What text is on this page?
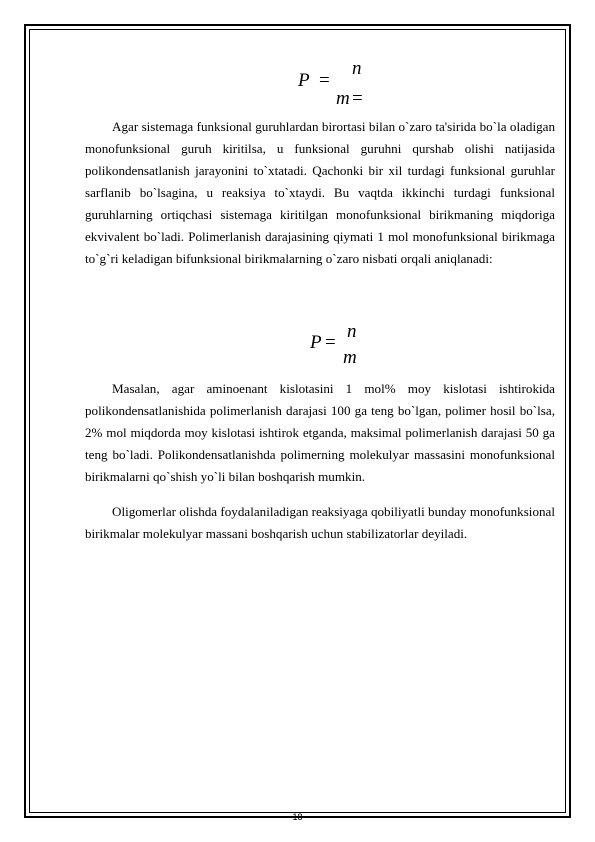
P =
n
m =

Agar sistemaga funksional guruhlardan birortasi bilan o`zaro ta'sirida bo`la oladigan monofunksional guruh kiritilsa, u funksional guruhni qurshab olishi natijasida polikondensatlanish jarayonini to`xtatadi. Qachonki bir xil turdagi funksional guruhlar sarflanib bo`lsagina, u reaksiya to`xtaydi. Bu vaqtda ikkinchi turdagi funksional guruhlarning ortiqchasi sistemaga kiritilgan monofunksional birikmaning miqdoriga ekvivalent bo`ladi. Polimerlanish darajasining qiymati 1 mol monofunksional birikmaga to`g`ri keladigan bifunksional birikmalarning o`zaro nisbati orqali aniqlanadi:

P =
n
m

Masalan, agar aminoenant kislotasini 1 mol% moy kislotasi ishtirokida polikondensatlanishida polimerlanish darajasi 100 ga teng bo`lgan, polimer hosil bo`lsa, 2% mol miqdorda moy kislotasi ishtirok etganda, maksimal polimerlanish darajasi 50 ga teng bo`ladi. Polikondensatlanishda polimerning molekulyar massasini monofunksional birikmalarni qo`shish yo`li bilan boshqarish mumkin.

Oligomerlar olishda foydalaniladigan reaksiyaga qobiliyatli bunday monofunksional birikmalar molekulyar massani boshqarish uchun stabilizatorlar deyiladi.

18
